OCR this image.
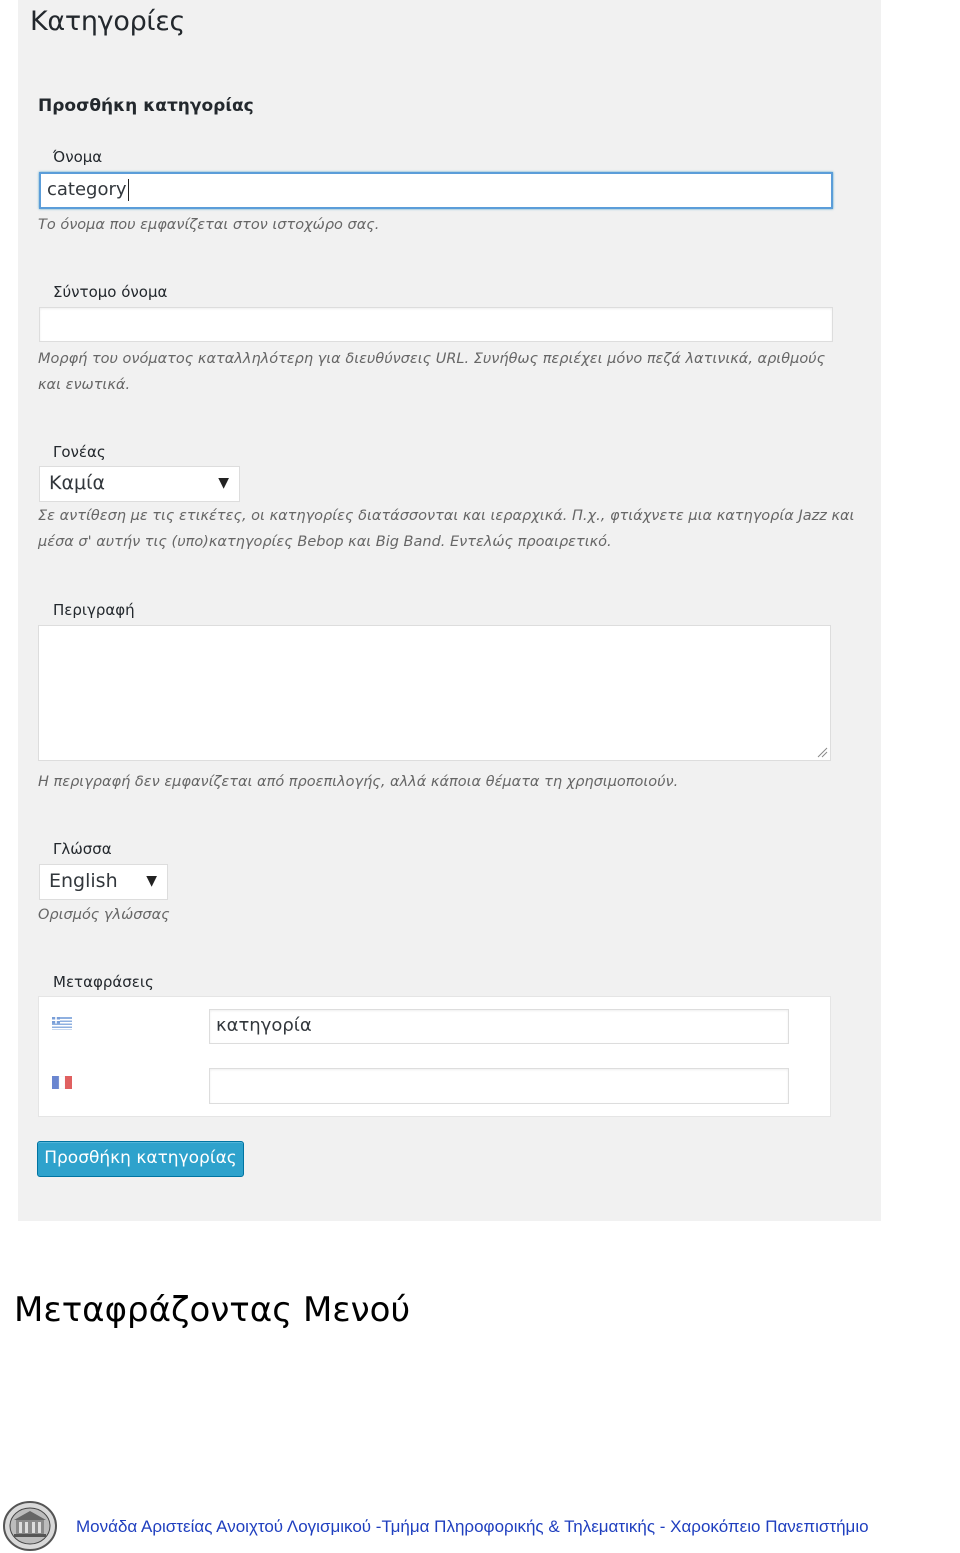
Κατηγορίες
Προσθήκη κατηγορίας
Όνομα
category
Το όνομα που εμφανίζεται στον ιστοχώρο σας.
Σύντομο όνομα
Μορφή του ονόματος καταλληλότερη για διευθύνσεις URL. Συνήθως περιέχει μόνο πεζά λατινικά, αριθμούς
και ενωτικά.
Γονέας
Καμία	▼
Σε αντίθεση με τις ετικέτες, οι κατηγορίες διατάσσονται και ιεραρχικά. Π.χ., φτιάχνετε μια κατηγορία Jazz και
μέσα σ' αυτήν τις (υπο)κατηγορίες Bebop και Big Band. Εντελώς προαιρετικό.
Περιγραφή
Η περιγραφή δεν εμφανίζεται από προεπιλογής, αλλά κάποια θέματα τη χρησιμοποιούν.
Γλώσσα
English ▼
Ορισμός γλώσσας
Μεταφράσεις
κατηγορία
Προσθήκη κατηγορίας
Μεταφράζοντας Μενού
Μονάδα Αριστείας Ανοιχτού Λογισμικού -Τμήμα Πληροφορικής & Τηλεματικής - Χαροκόπειο Πανεπιστήμιο
